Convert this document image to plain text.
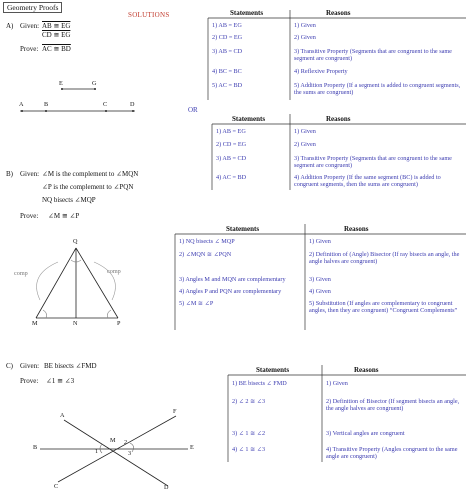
Geometry Proofs
SOLUTIONS
A) Given: AB ≅ EG
CD ≅ EG
Prove: AC ≅ BD
E	G
A	B	C	D
Statements	Reasons
1) AB = EG	1) Given
2) CD = EG	2) Given
3) AB = CD	3) Transitive Property (Segments that are congruent to the same segment are congruent)
4) BC = BC	4) Reflexive Property
5) AC = BD	5) Addition Property (If a segment is added to congruent segments, the sums are congruent)
OR
Statements	Reasons
1) AB = EG	1) Given
2) CD = EG	2) Given
3) AB = CD	3) Transitive Property (Segments that are congruent to the same segment are congruent)
4) AC = BD	4) Addition Property (If the same segment (BC) is added to congruent segments, then the sums are congruent)
B) Given: ∠M is the complement to ∠MQN
∠P is the complement to ∠PQN
NQ bisects ∠MQP
Prove: ∠M ≅ ∠P
Q
M	N	P
comp	comp
Statements	Reasons
1) NQ bisects ∠ MQP	1) Given
2) ∠MQN ≅ ∠PQN	2) Definition of (Angle) Bisector (If ray bisects an angle, the angle halves are congruent)
3) Angles M and MQN are complementary	3) Given
4) Angles P and PQN are complementary	4) Given
5) ∠M ≅ ∠P	5) Substitution (If angles are complementary to congruent angles, then they are congruent) “Congruent Complements”
C) Given: BE bisects ∠FMD
Prove: ∠1 ≅ ∠3
A
F
B
M
E
C	D
1
2
3
Statements	Reasons
1) BE bisects ∠ FMD	1) Given
2) ∠ 2 ≅ ∠3	2) Definition of Bisector (If segment bisects an angle, the angle halves are congruent)
3) ∠ 1 ≅ ∠2	3) Vertical angles are congruent
4) ∠ 1 ≅ ∠3	4) Transitive Property (Angles congruent to the same angle are congruent)
